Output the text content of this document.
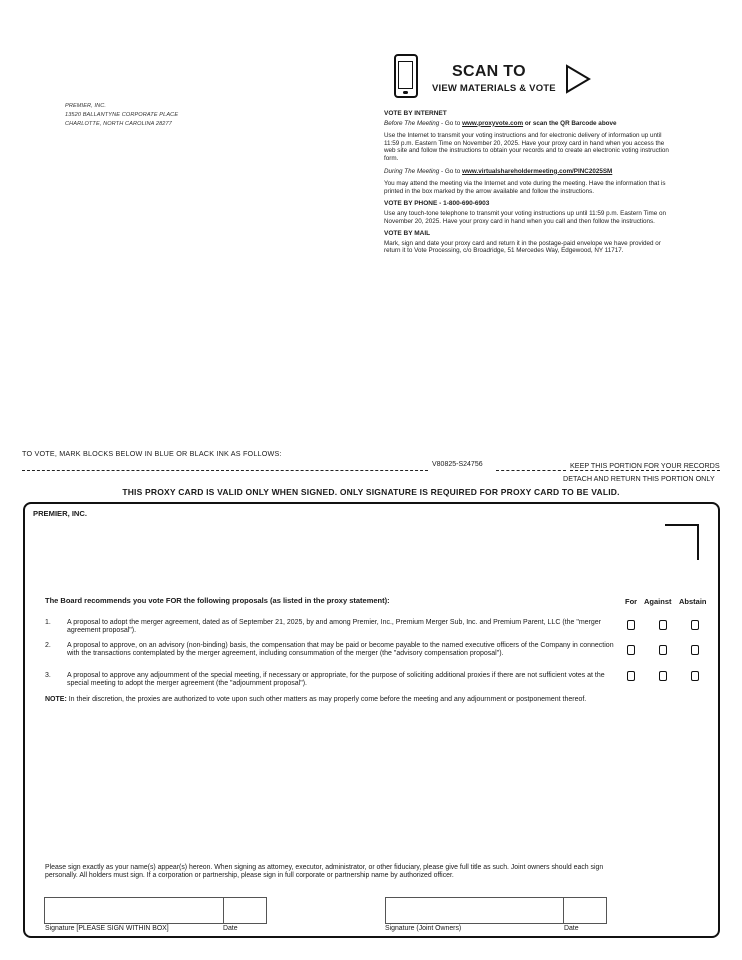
PREMIER, INC.
13520 BALLANTYNE CORPORATE PLACE
CHARLOTTE, NORTH CAROLINA 28277
SCAN TO
VIEW MATERIALS & VOTE
VOTE BY INTERNET

Before The Meeting - Go to www.proxyvote.com or scan the QR Barcode above

Use the Internet to transmit your voting instructions and for electronic delivery of information up until 11:59 p.m. Eastern Time on November 20, 2025. Have your proxy card in hand when you access the web site and follow the instructions to obtain your records and to create an electronic voting instruction form.

During The Meeting - Go to www.virtualshareholdermeeting.com/PINC2025SM

You may attend the meeting via the Internet and vote during the meeting. Have the information that is printed in the box marked by the arrow available and follow the instructions.

VOTE BY PHONE - 1-800-690-6903

Use any touch-tone telephone to transmit your voting instructions up until 11:59 p.m. Eastern Time on November 20, 2025. Have your proxy card in hand when you call and then follow the instructions.

VOTE BY MAIL

Mark, sign and date your proxy card and return it in the postage-paid envelope we have provided or return it to Vote Processing, c/o Broadridge, 51 Mercedes Way, Edgewood, NY 11717.

TO VOTE, MARK BLOCKS BELOW IN BLUE OR BLACK INK AS FOLLOWS:
V80825-S24756	KEEP THIS PORTION FOR YOUR RECORDS
DETACH AND RETURN THIS PORTION ONLY
THIS PROXY CARD IS VALID ONLY WHEN SIGNED. ONLY SIGNATURE IS REQUIRED FOR PROXY CARD TO BE VALID.
PREMIER, INC.
The Board recommends you vote FOR the following proposals (as listed in the proxy statement):	For Against Abstain
1. A proposal to adopt the merger agreement, dated as of September 21, 2025, by and among Premier, Inc., Premium Merger Sub, Inc. and Premium Parent, LLC (the "merger agreement proposal").
2. A proposal to approve, on an advisory (non-binding) basis, the compensation that may be paid or become payable to the named executive officers of the Company in connection with the transactions contemplated by the merger agreement, including consummation of the merger (the "advisory compensation proposal").
3. A proposal to approve any adjournment of the special meeting, if necessary or appropriate, for the purpose of soliciting additional proxies if there are not sufficient votes at the special meeting to adopt the merger agreement (the "adjournment proposal").
NOTE: In their discretion, the proxies are authorized to vote upon such other matters as may properly come before the meeting and any adjournment or postponement thereof.
Please sign exactly as your name(s) appear(s) hereon. When signing as attorney, executor, administrator, or other fiduciary, please give full title as such. Joint owners should each sign personally. All holders must sign. If a corporation or partnership, please sign in full corporate or partnership name by authorized officer.
Signature [PLEASE SIGN WITHIN BOX]	Date	Signature (Joint Owners)	Date
